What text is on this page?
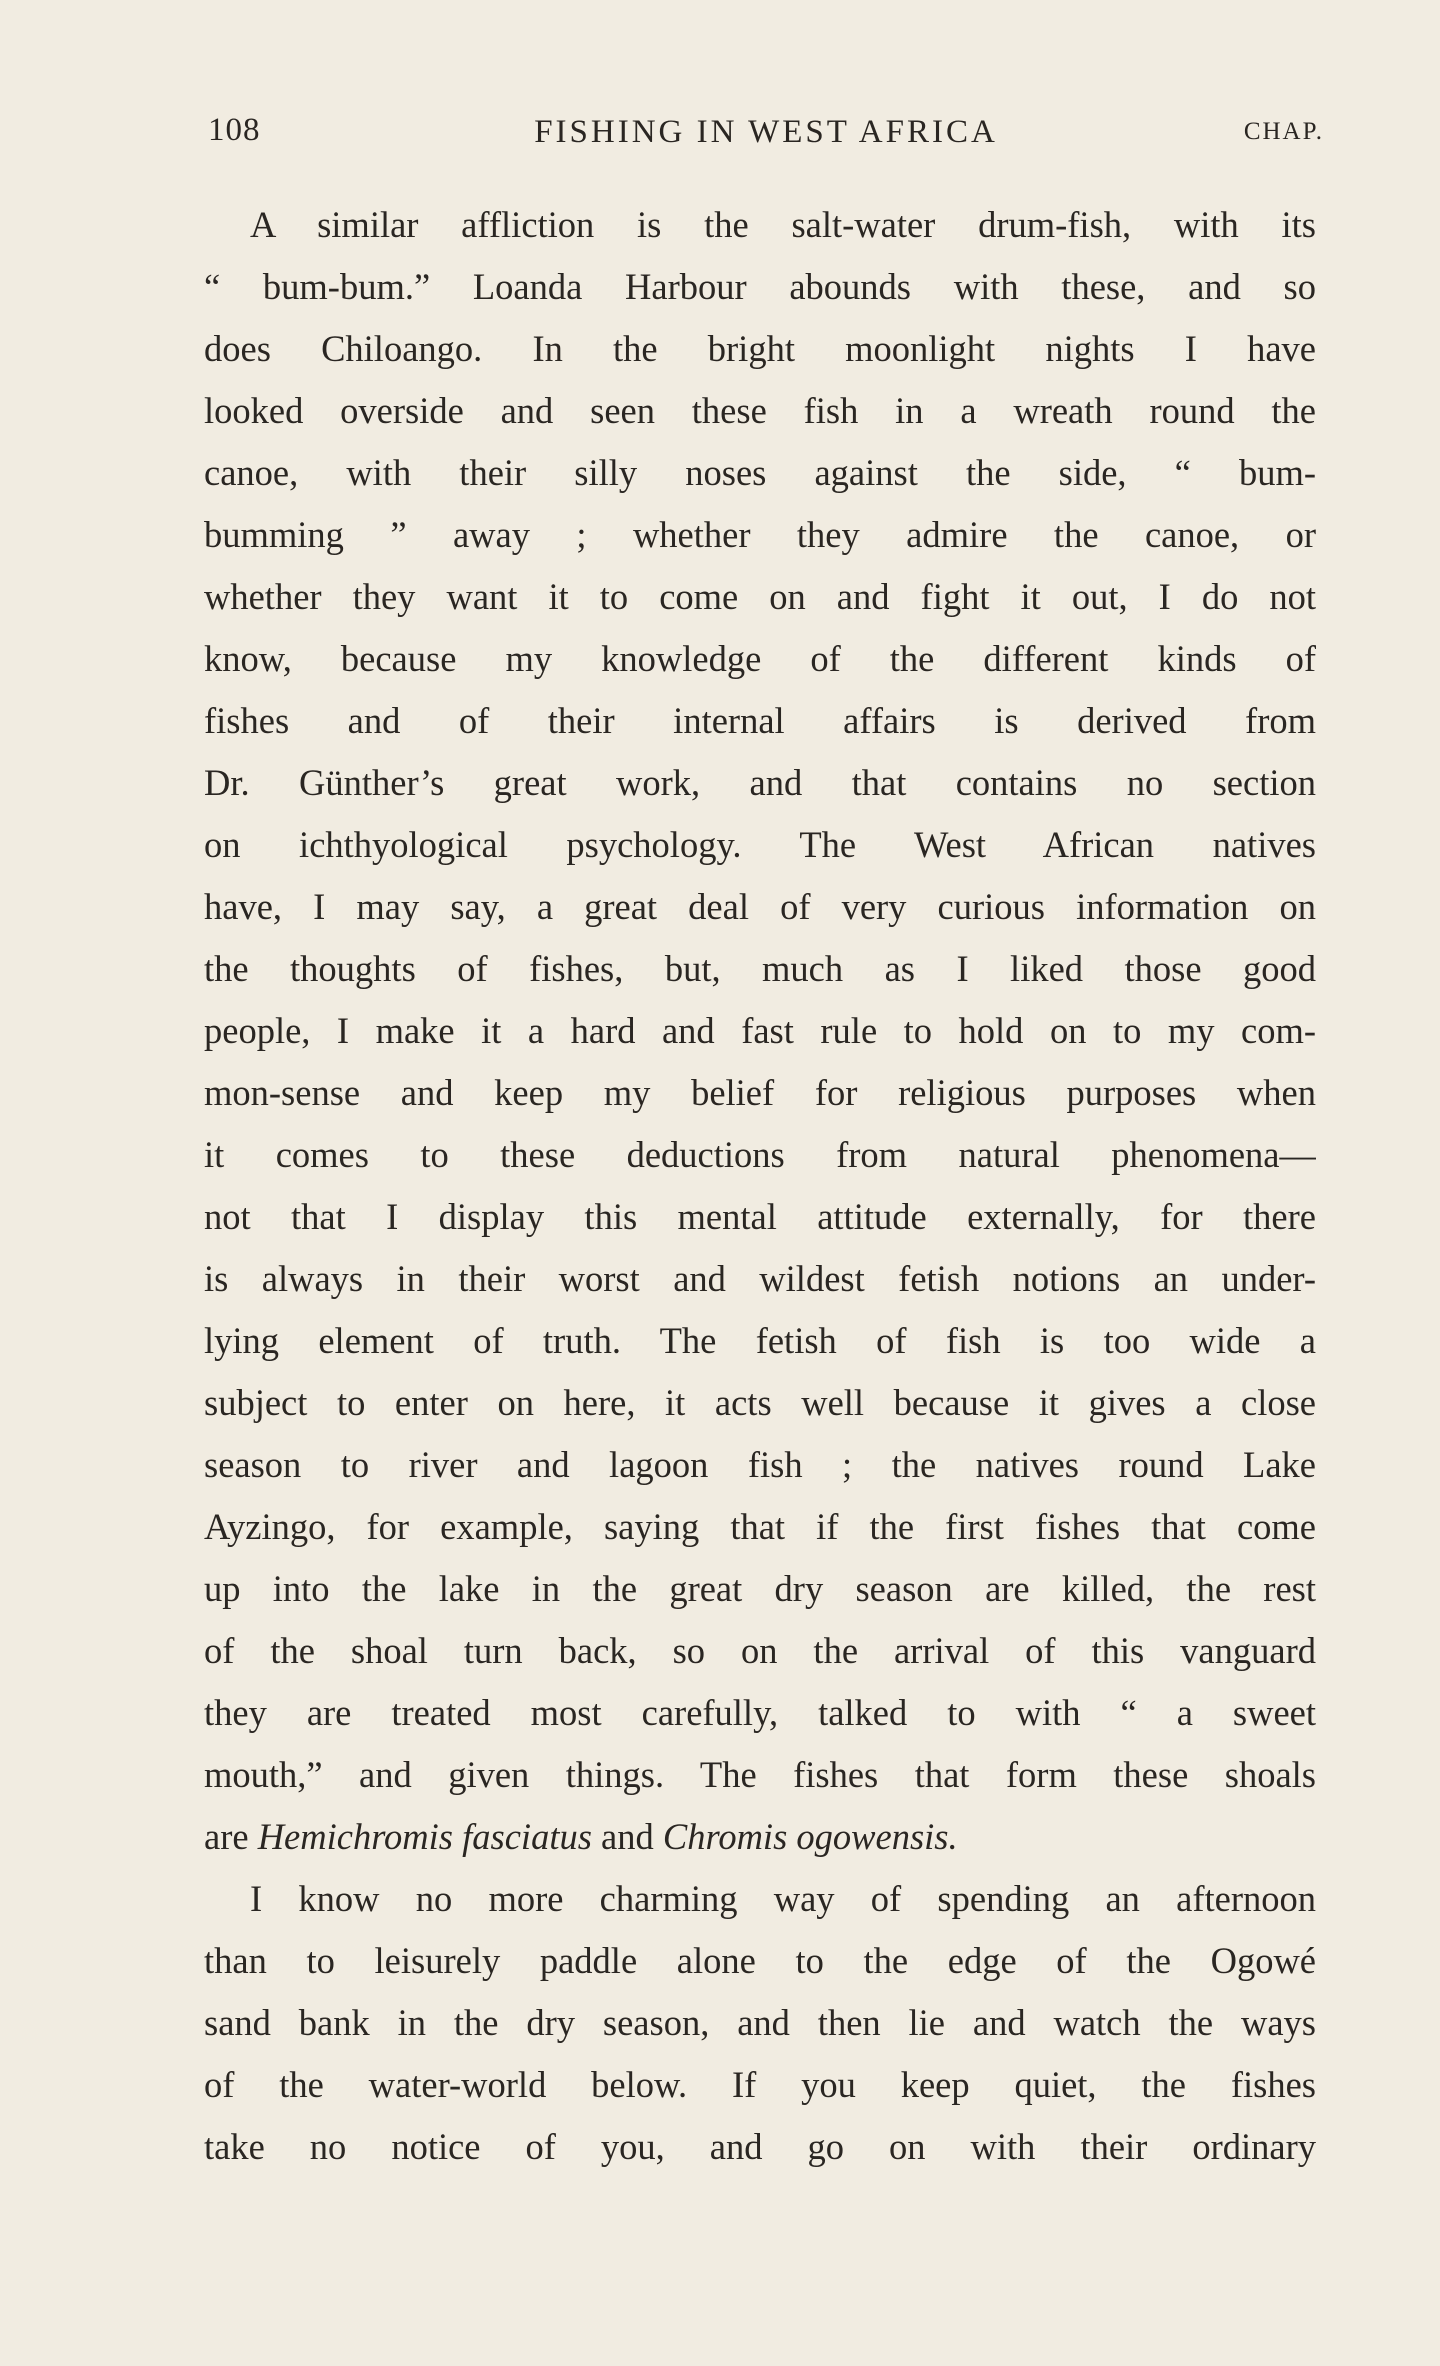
108	FISHING IN WEST AFRICA	CHAP.
A similar affliction is the salt-water drum-fish, with its
“ bum-bum.” Loanda Harbour abounds with these, and so
does Chiloango. In the bright moonlight nights I have
looked overside and seen these fish in a wreath round the
canoe, with their silly noses against the side, “ bum-
bumming ” away ; whether they admire the canoe, or
whether they want it to come on and fight it out, I do not
know, because my knowledge of the different kinds of
fishes and of their internal affairs is derived from
Dr. Günther’s great work, and that contains no section
on ichthyological psychology. The West African natives
have, I may say, a great deal of very curious information on
the thoughts of fishes, but, much as I liked those good
people, I make it a hard and fast rule to hold on to my com-
mon-sense and keep my belief for religious purposes when
it comes to these deductions from natural phenomena—
not that I display this mental attitude externally, for there
is always in their worst and wildest fetish notions an under-
lying element of truth. The fetish of fish is too wide a
subject to enter on here, it acts well because it gives a close
season to river and lagoon fish ; the natives round Lake
Ayzingo, for example, saying that if the first fishes that come
up into the lake in the great dry season are killed, the rest
of the shoal turn back, so on the arrival of this vanguard
they are treated most carefully, talked to with “ a sweet
mouth,” and given things. The fishes that form these shoals
are Hemichromis fasciatus and Chromis ogowensis.
I know no more charming way of spending an afternoon
than to leisurely paddle alone to the edge of the Ogowé
sand bank in the dry season, and then lie and watch the ways
of the water-world below. If you keep quiet, the fishes
take no notice of you, and go on with their ordinary
